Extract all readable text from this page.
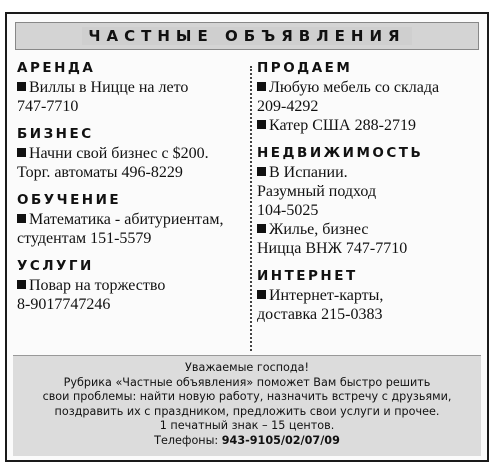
ЧАСТНЫЕ ОБЪЯВЛЕНИЯ
АРЕНДА
Виллы в Ницце на лето
747-7710
БИЗНЕС
Начни свой бизнес с $200.
Торг. автоматы 496-8229
ОБУЧЕНИЕ
Математика - абитуриентам,
студентам 151-5579
УСЛУГИ
Повар на торжество
8-9017747246
ПРОДАЕМ
Любую мебель со склада
209-4292
Катер США 288-2719
НЕДВИЖИМОСТЬ
В Испании.
Разумный подход
104-5025
Жилье, бизнес
Ницца ВНЖ 747-7710
ИНТЕРНЕТ
Интернет-карты,
доставка 215-0383
Уважаемые господа!
Рубрика «Частные объявления» поможет Вам быстро решить
свои проблемы: найти новую работу, назначить встречу с друзьями,
поздравить их с праздником, предложить свои услуги и прочее.
1 печатный знак – 15 центов.
Телефоны: 943-9105/02/07/09
